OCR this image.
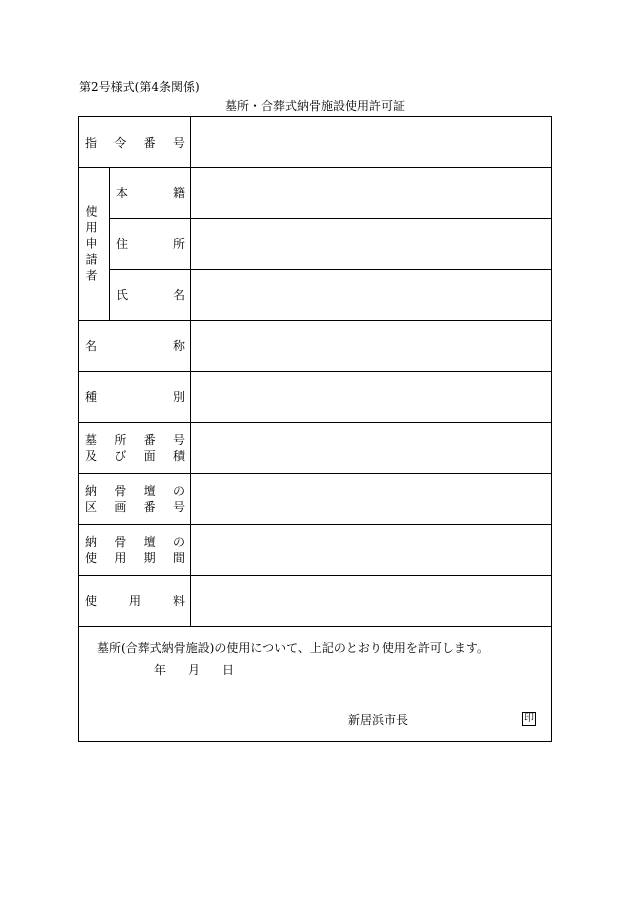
第2号様式(第4条関係)
墓所・合葬式納骨施設使用許可証
指 令 番 号
使用申請者
本	籍
住	所
氏	名
名	称
種	別
墓 所 番 号
及 び 面 積
納 骨 壇 の
区 画 番 号
納 骨 壇 の
使 用 期 間
使	用	料
墓所(合葬式納骨施設)の使用について、上記のとおり使用を許可します。
年 月 日
新居浜市長	印
